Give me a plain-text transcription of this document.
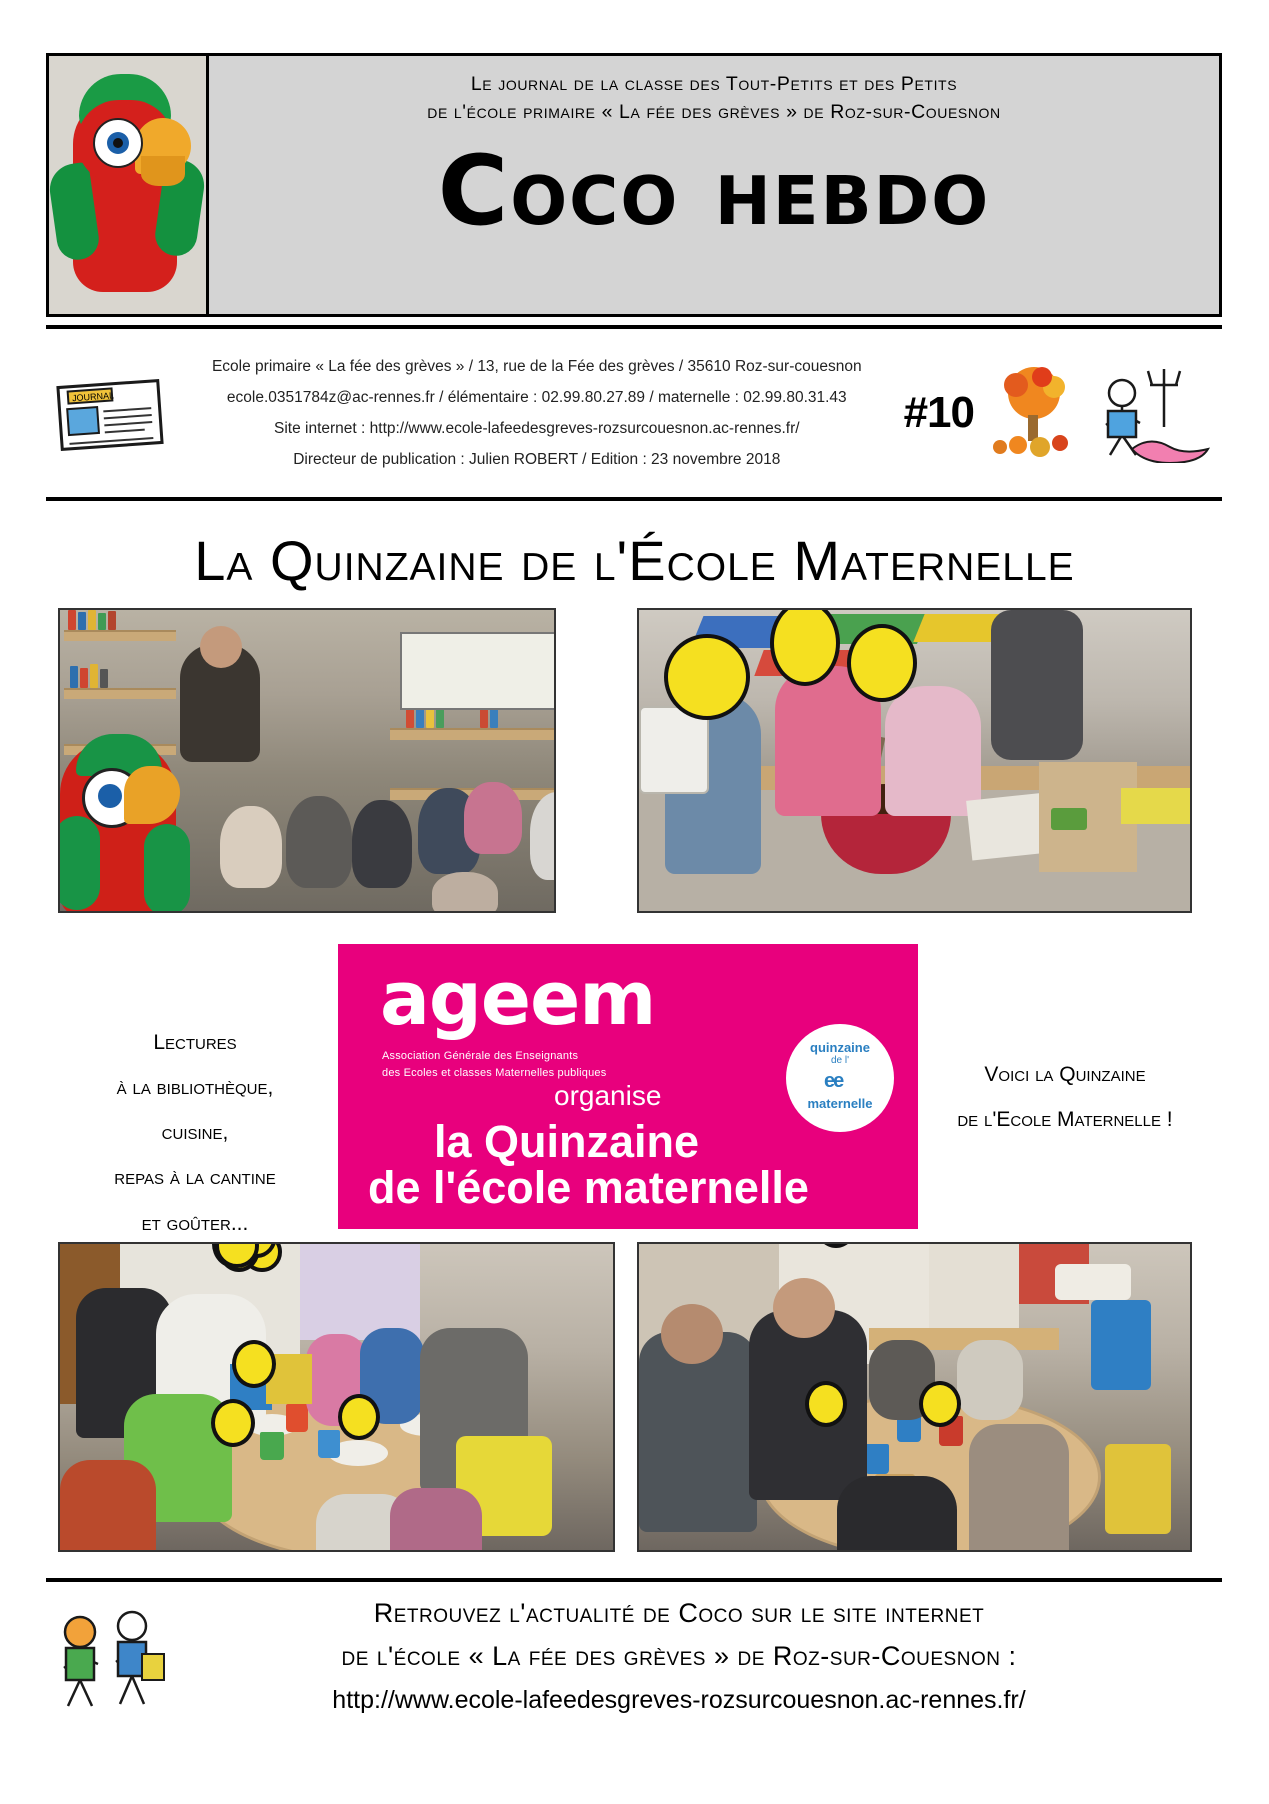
Le journal de la classe des Tout-Petits et des Petits
de l'école primaire « La fée des grèves » de Roz-sur-Couesnon
Coco hebdo
JOURNAL
Ecole primaire « La fée des grèves » / 13, rue de la Fée des grèves / 35610 Roz-sur-couesnon
ecole.0351784z@ac-rennes.fr / élémentaire : 02.99.80.27.89 / maternelle : 02.99.80.31.43
Site internet : http://www.ecole-lafeedesgreves-rozsurcouesnon.ac-rennes.fr/
Directeur de publication : Julien ROBERT / Edition : 23 novembre 2018
#10
La Quinzaine de l'École Maternelle
Lectures
à la bibliothèque,
cuisine,
repas à la cantine
et goûter...
ageem
Association Générale des Enseignants
des Ecoles et classes Maternelles publiques
organise
la Quinzaine
de l'école maternelle
quinzaine
de l'
ee
maternelle
Voici la Quinzaine
de l'Ecole Maternelle !
Retrouvez l'actualité de Coco sur le site internet
de l'école « La fée des grèves » de Roz-sur-Couesnon :
http://www.ecole-lafeedesgreves-rozsurcouesnon.ac-rennes.fr/
